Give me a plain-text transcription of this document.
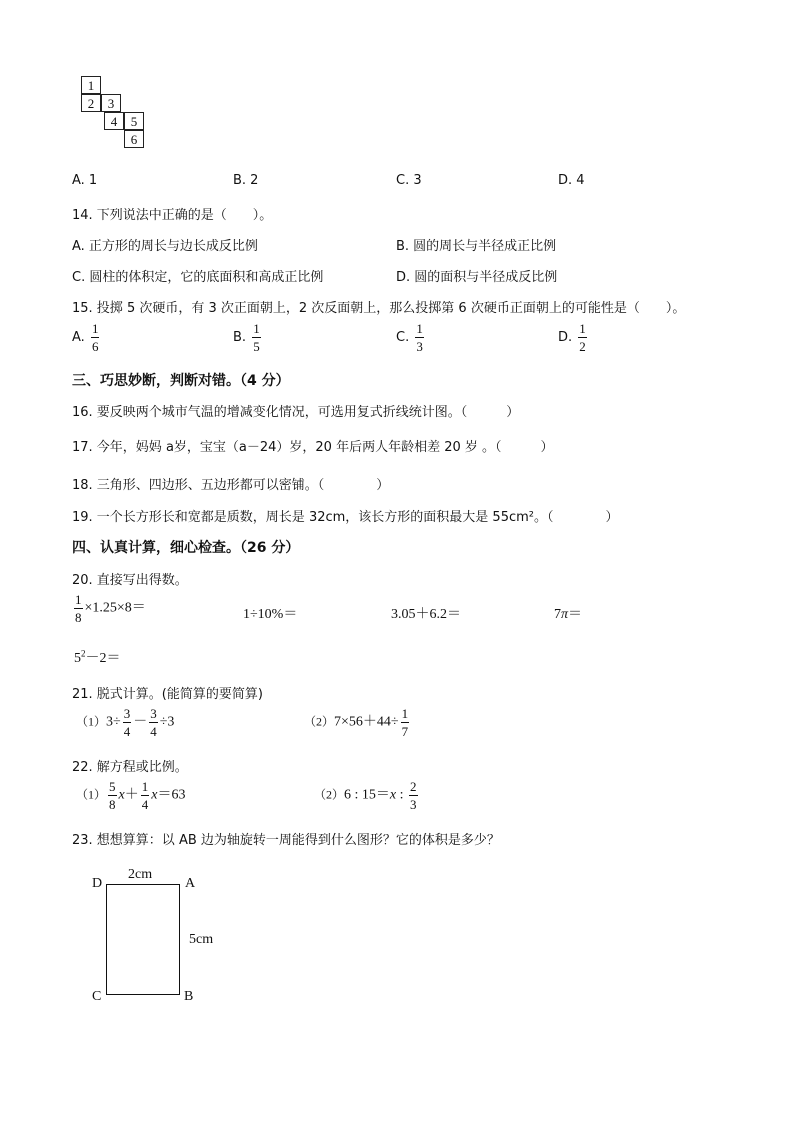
1
2	3
4	5
6
A. 1	B. 2	C. 3	D. 4
14. 下列说法中正确的是（　　）。
A. 正方形的周长与边长成反比例	B. 圆的周长与半径成正比例
C. 圆柱的体积定，它的底面积和高成正比例	D. 圆的面积与半径成反比例
15. 投掷 5 次硬币，有 3 次正面朝上，2 次反面朝上，那么投掷第 6 次硬币正面朝上的可能性是（　　）。
A. $\frac{1}{6}$	B. $\frac{1}{5}$	C. $\frac{1}{3}$	D. $\frac{1}{2}$
三、巧思妙断，判断对错。（4 分）
16. 要反映两个城市气温的增减变化情况，可选用复式折线统计图。（　　　）
17. 今年，妈妈 a岁，宝宝（a－24）岁，20 年后两人年龄相差 20 岁 。（　　　）
18. 三角形、四边形、五边形都可以密铺。（　　　　）
19. 一个长方形长和宽都是质数，周长是 32cm，该长方形的面积最大是 55cm²。（　　　　）
四、认真计算，细心检查。（26 分）
20. 直接写出得数。
$\frac{1}{8} \times 1.25\times 8=$	1÷10%＝	3.05＋6.2＝	7π＝
$5^2-2=$
21. 脱式计算。(能简算的要简算)
$(1)3\div \frac{3}{4} - \frac{3}{4} \div 3$	$(2)7\times 56+44\div \frac{1}{7}$
22. 解方程或比例。
$(1) \frac{5}{8} x+ \frac{1}{4} x=63$	（2）6 : 15＝x : $\frac{2}{3}$
23. 想想算算：以 AB 边为轴旋转一周能得到什么图形？它的体积是多少？
2cm
5cm
D	A
C	B
